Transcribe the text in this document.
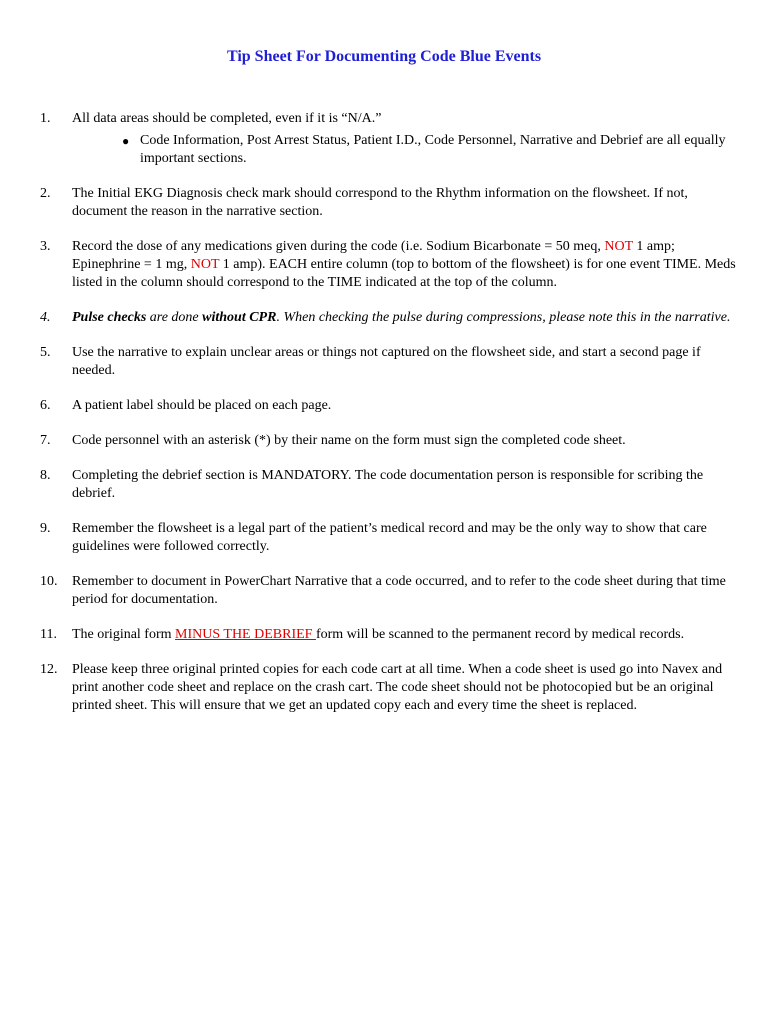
Tip Sheet For Documenting Code Blue Events
1.	All data areas should be completed, even if it is “N/A.”
● Code Information, Post Arrest Status, Patient I.D., Code Personnel, Narrative and Debrief are all equally important sections.
2.	The Initial EKG Diagnosis check mark should correspond to the Rhythm information on the flowsheet. If not, document the reason in the narrative section.
3.	Record the dose of any medications given during the code (i.e. Sodium Bicarbonate = 50 meq, NOT 1 amp; Epinephrine = 1 mg, NOT 1 amp). EACH entire column (top to bottom of the flowsheet) is for one event TIME. Meds listed in the column should correspond to the TIME indicated at the top of the column.
4.	Pulse checks are done without CPR. When checking the pulse during compressions, please note this in the narrative.
5.	Use the narrative to explain unclear areas or things not captured on the flowsheet side, and start a second page if needed.
6.	A patient label should be placed on each page.
7.	Code personnel with an asterisk (*) by their name on the form must sign the completed code sheet.
8.	Completing the debrief section is MANDATORY. The code documentation person is responsible for scribing the debrief.
9.	Remember the flowsheet is a legal part of the patient’s medical record and may be the only way to show that care guidelines were followed correctly.
10.	Remember to document in PowerChart Narrative that a code occurred, and to refer to the code sheet during that time period for documentation.
11.	The original form MINUS THE DEBRIEF form will be scanned to the permanent record by medical records.
12.	Please keep three original printed copies for each code cart at all time. When a code sheet is used go into Navex and print another code sheet and replace on the crash cart. The code sheet should not be photocopied but be an original printed sheet. This will ensure that we get an updated copy each and every time the sheet is replaced.
